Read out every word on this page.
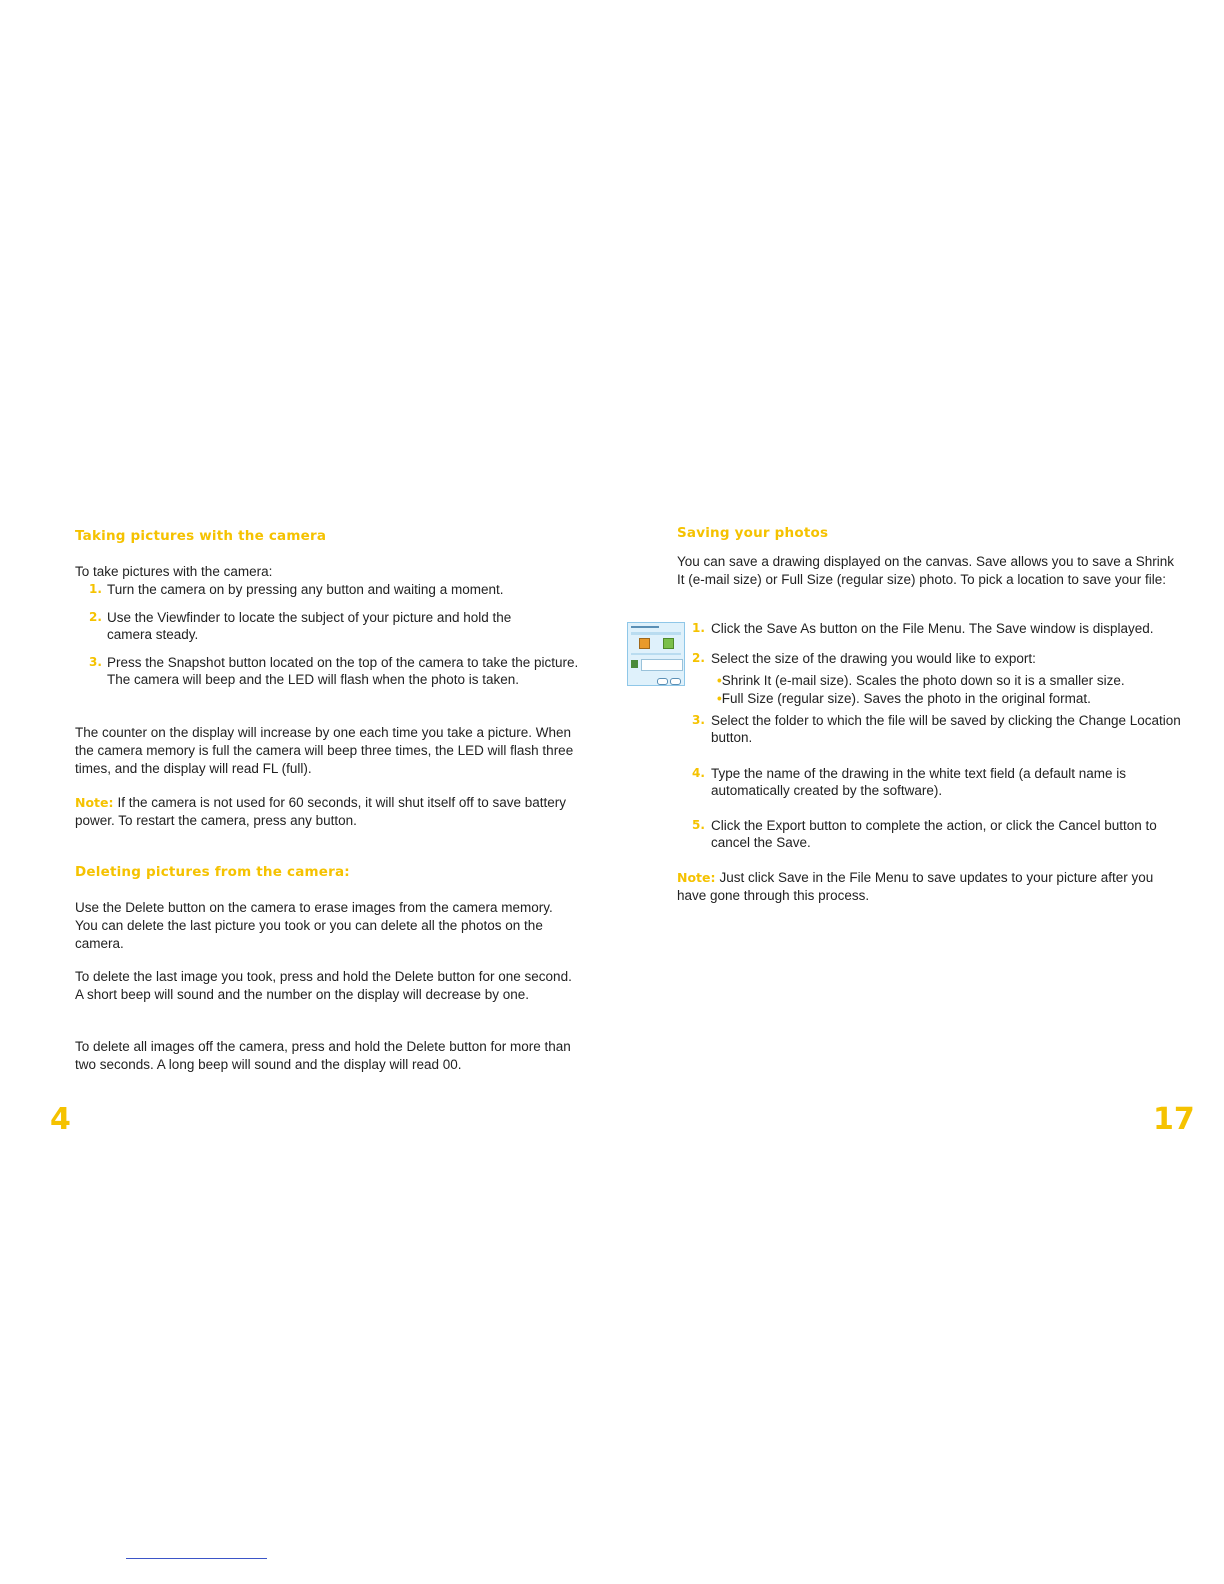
Taking pictures with the camera
To take pictures with the camera:
1. Turn the camera on by pressing any button and waiting a moment.
2. Use the Viewfinder to locate the subject of your picture and hold the camera steady.
3. Press the Snapshot button located on the top of the camera to take the picture. The camera will beep and the LED will flash when the photo is taken.
The counter on the display will increase by one each time you take a picture. When the camera memory is full the camera will beep three times, the LED will flash three times, and the display will read FL (full).
Note: If the camera is not used for 60 seconds, it will shut itself off to save battery power. To restart the camera, press any button.
Deleting pictures from the camera:
Use the Delete button on the camera to erase images from the camera memory. You can delete the last picture you took or you can delete all the photos on the camera.
To delete the last image you took, press and hold the Delete button for one second. A short beep will sound and the number on the display will decrease by one.
To delete all images off the camera, press and hold the Delete button for more than two seconds. A long beep will sound and the display will read 00.
4
Saving your photos
You can save a drawing displayed on the canvas. Save allows you to save a Shrink It (e-mail size) or Full Size (regular size) photo. To pick a location to save your file:
1. Click the Save As button on the File Menu. The Save window is displayed.
2. Select the size of the drawing you would like to export:
•Shrink It (e-mail size). Scales the photo down so it is a smaller size.
•Full Size (regular size). Saves the photo in the original format.
3. Select the folder to which the file will be saved by clicking the Change Location button.
4. Type the name of the drawing in the white text field (a default name is automatically created by the software).
5. Click the Export button to complete the action, or click the Cancel button to cancel the Save.
Note: Just click Save in the File Menu to save updates to your picture after you have gone through this process.
17
